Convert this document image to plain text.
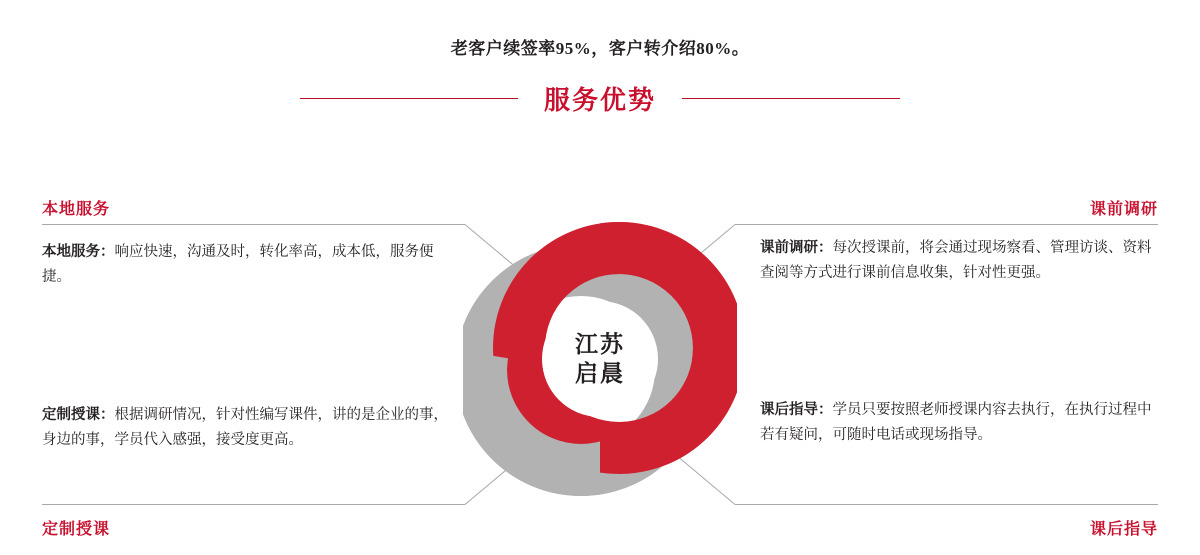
老客户续签率95%，客户转介绍80%。
服务优势
本地服务	课前调研
定制授课	课后指导
本地服务：响应快速，沟通及时，转化率高，成本低，服务便捷。
定制授课：根据调研情况，针对性编写课件，讲的是企业的事，身边的事，学员代入感强，接受度更高。
课前调研：每次授课前，将会通过现场察看、管理访谈、资料查阅等方式进行课前信息收集，针对性更强。
课后指导：学员只要按照老师授课内容去执行，在执行过程中若有疑问，可随时电话或现场指导。
江苏
启晨
